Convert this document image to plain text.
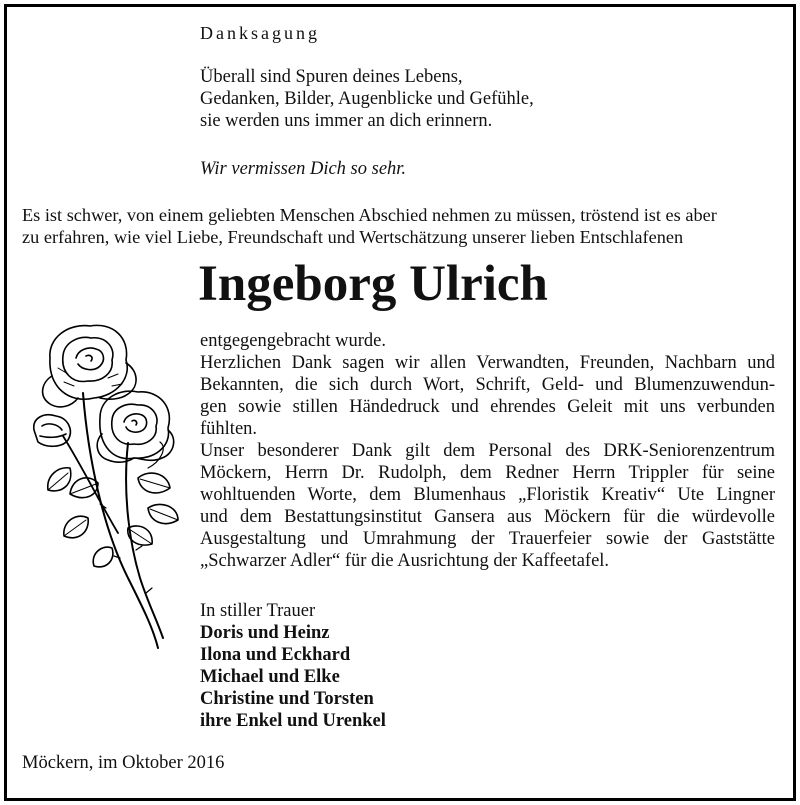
Danksagung
Überall sind Spuren deines Lebens,
Gedanken, Bilder, Augenblicke und Gefühle,
sie werden uns immer an dich erinnern.
Wir vermissen Dich so sehr.
Es ist schwer, von einem geliebten Menschen Abschied nehmen zu müssen, tröstend ist es aber
zu erfahren, wie viel Liebe, Freundschaft und Wertschätzung unserer lieben Entschlafenen
Ingeborg Ulrich
entgegengebracht wurde.
Herzlichen Dank sagen wir allen Verwandten, Freunden, Nachbarn und
Bekannten, die sich durch Wort, Schrift, Geld- und Blumenzuwendun-
gen sowie stillen Händedruck und ehrendes Geleit mit uns verbunden
fühlten.
Unser besonderer Dank gilt dem Personal des DRK-Seniorenzentrum
Möckern, Herrn Dr. Rudolph, dem Redner Herrn Trippler für seine
wohltuenden Worte, dem Blumenhaus „Floristik Kreativ“ Ute Lingner
und dem Bestattungsinstitut Gansera aus Möckern für die würdevolle
Ausgestaltung und Umrahmung der Trauerfeier sowie der Gaststätte
„Schwarzer Adler“ für die Ausrichtung der Kaffeetafel.
In stiller Trauer
Doris und Heinz
Ilona und Eckhard
Michael und Elke
Christine und Torsten
ihre Enkel und Urenkel
Möckern, im Oktober 2016
